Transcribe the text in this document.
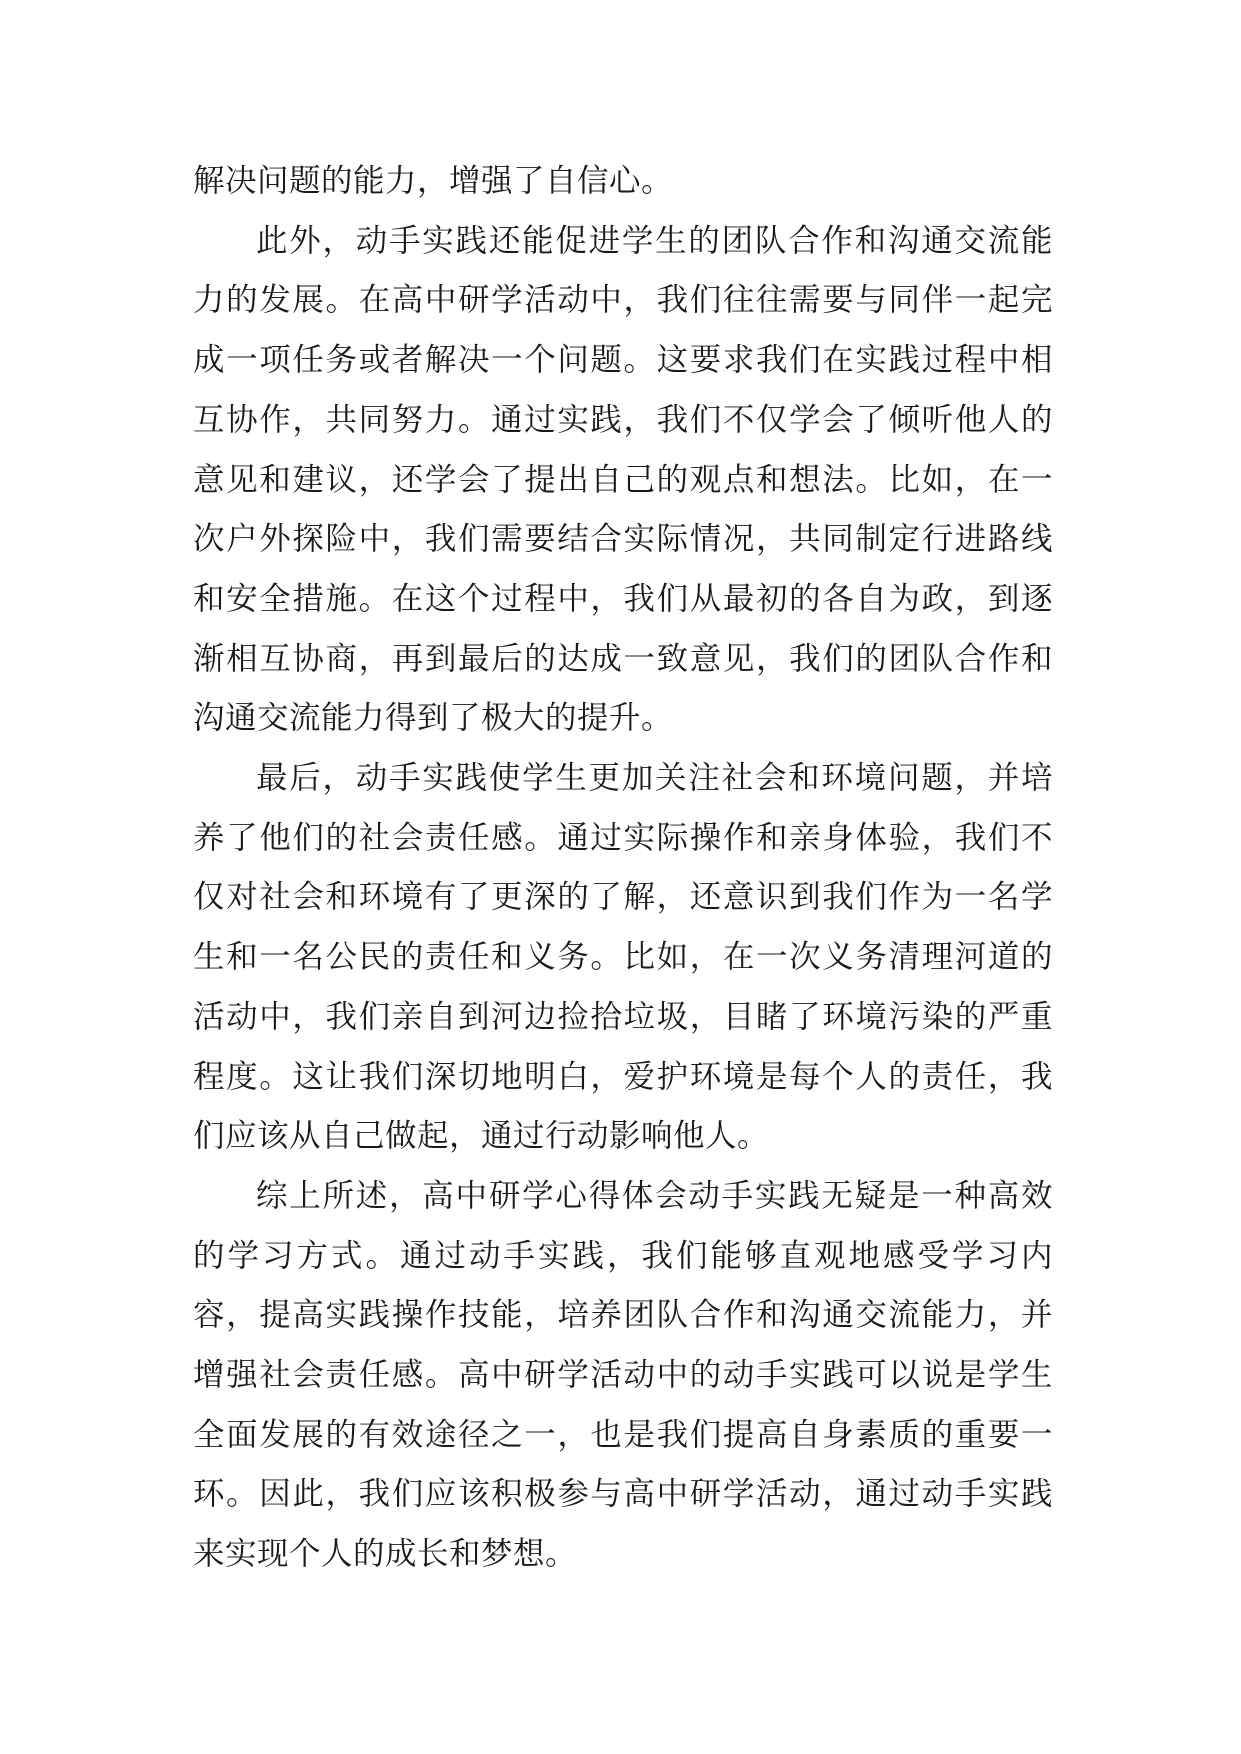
解决问题的能力，增强了自信心。

此外，动手实践还能促进学生的团队合作和沟通交流能力的发展。在高中研学活动中，我们往往需要与同伴一起完成一项任务或者解决一个问题。这要求我们在实践过程中相互协作，共同努力。通过实践，我们不仅学会了倾听他人的意见和建议，还学会了提出自己的观点和想法。比如，在一次户外探险中，我们需要结合实际情况，共同制定行进路线和安全措施。在这个过程中，我们从最初的各自为政，到逐渐相互协商，再到最后的达成一致意见，我们的团队合作和沟通交流能力得到了极大的提升。

最后，动手实践使学生更加关注社会和环境问题，并培养了他们的社会责任感。通过实际操作和亲身体验，我们不仅对社会和环境有了更深的了解，还意识到我们作为一名学生和一名公民的责任和义务。比如，在一次义务清理河道的活动中，我们亲自到河边捡拾垃圾，目睹了环境污染的严重程度。这让我们深切地明白，爱护环境是每个人的责任，我们应该从自己做起，通过行动影响他人。

综上所述，高中研学心得体会动手实践无疑是一种高效的学习方式。通过动手实践，我们能够直观地感受学习内容，提高实践操作技能，培养团队合作和沟通交流能力，并增强社会责任感。高中研学活动中的动手实践可以说是学生全面发展的有效途径之一，也是我们提高自身素质的重要一环。因此，我们应该积极参与高中研学活动，通过动手实践来实现个人的成长和梦想。
